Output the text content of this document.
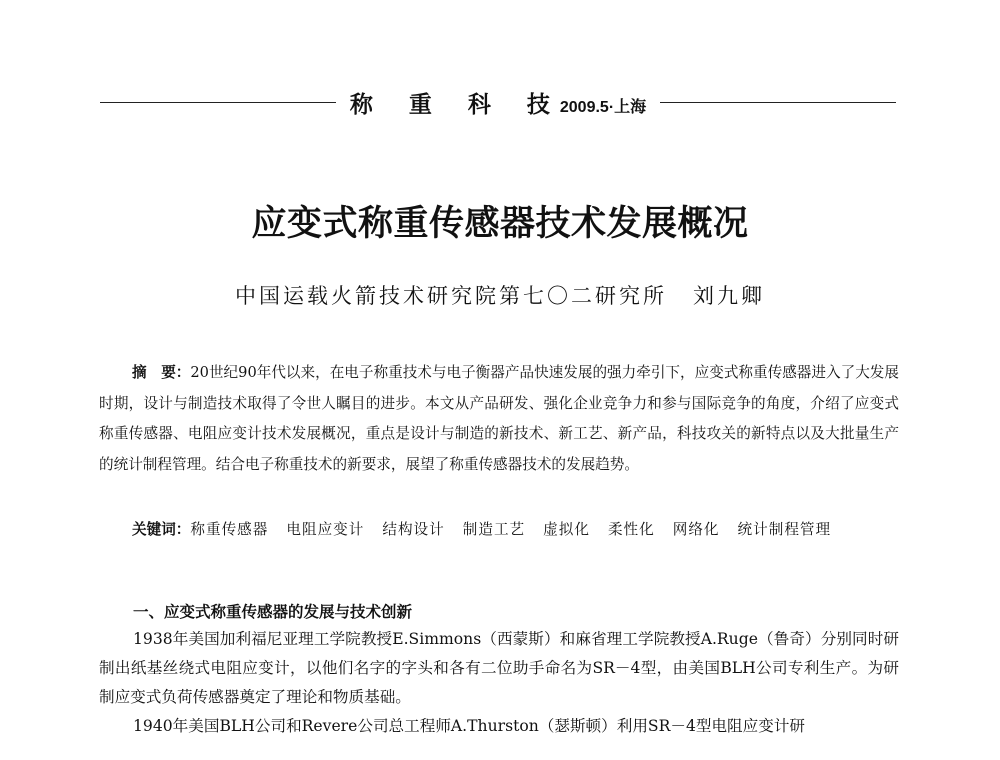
称 重 科 技
2009.5·上海
应变式称重传感器技术发展概况
中国运载火箭技术研究院第七〇二研究所 刘九卿

摘　要：20世纪90年代以来，在电子称重技术与电子衡器产品快速发展的强力牵引下，应变式称重传感器进入了大发展时期，设计与制造技术取得了令世人瞩目的进步。本文从产品研发、强化企业竞争力和参与国际竞争的角度，介绍了应变式称重传感器、电阻应变计技术发展概况，重点是设计与制造的新技术、新工艺、新产品，科技攻关的新特点以及大批量生产的统计制程管理。结合电子称重技术的新要求，展望了称重传感器技术的发展趋势。

关键词：称重传感器 电阻应变计 结构设计 制造工艺 虚拟化 柔性化 网络化 统计制程管理

一、应变式称重传感器的发展与技术创新

1938年美国加利福尼亚理工学院教授E.Simmons（西蒙斯）和麻省理工学院教授A.Ruge（鲁奇）分别同时研制出纸基丝绕式电阻应变计，以他们名字的字头和各有二位助手命名为SR－4型，由美国BLH公司专利生产。为研制应变式负荷传感器奠定了理论和物质基础。

1940年美国BLH公司和Revere公司总工程师A.Thurston（瑟斯顿）利用SR－4型电阻应变计研
